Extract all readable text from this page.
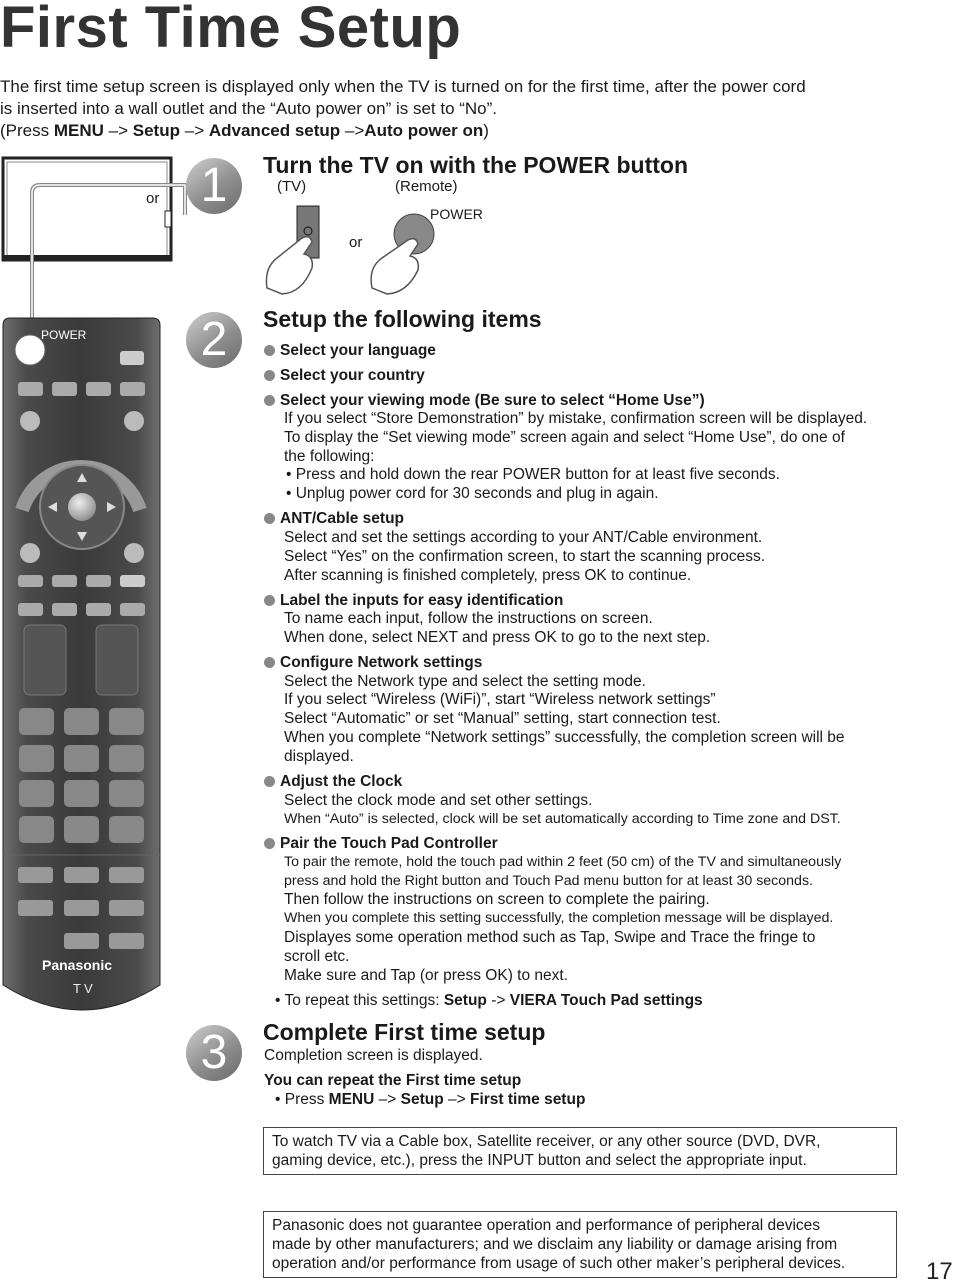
First Time Setup
The first time setup screen is displayed only when the TV is turned on for the first time, after the power cord
is inserted into a wall outlet and the “Auto power on” is set to “No”.
(Press MENU –> Setup –> Advanced setup –>Auto power on)
or
POWER
Panasonic
TV
1
2
3
Turn the TV on with the POWER button
(TV)	(Remote)
or
POWER
Setup the following items
Select your language
Select your country
Select your viewing mode (Be sure to select “Home Use”)
If you select “Store Demonstration” by mistake, confirmation screen will be displayed.
To display the “Set viewing mode” screen again and select “Home Use”, do one of
the following:
• Press and hold down the rear POWER button for at least five seconds.
• Unplug power cord for 30 seconds and plug in again.
ANT/Cable setup
Select and set the settings according to your ANT/Cable environment.
Select “Yes” on the confirmation screen, to start the scanning process.
After scanning is finished completely, press OK to continue.
Label the inputs for easy identification
To name each input, follow the instructions on screen.
When done, select NEXT and press OK to go to the next step.
Configure Network settings
Select the Network type and select the setting mode.
If you select “Wireless (WiFi)”, start “Wireless network settings”
Select “Automatic” or set “Manual” setting, start connection test.
When you complete “Network settings” successfully, the completion screen will be
displayed.
Adjust the Clock
Select the clock mode and set other settings.
When “Auto” is selected, clock will be set automatically according to Time zone and DST.
Pair the Touch Pad Controller
To pair the remote, hold the touch pad within 2 feet (50 cm) of the TV and simultaneously
press and hold the Right button and Touch Pad menu button for at least 30 seconds.
Then follow the instructions on screen to complete the pairing.
When you complete this setting successfully, the completion message will be displayed.
Displayes some operation method such as Tap, Swipe and Trace the fringe to
scroll etc.
Make sure and Tap (or press OK) to next.
• To repeat this settings: Setup -> VIERA Touch Pad settings
Complete First time setup
Completion screen is displayed.
You can repeat the First time setup
• Press MENU –> Setup –> First time setup
To watch TV via a Cable box, Satellite receiver, or any other source (DVD, DVR,
gaming device, etc.), press the INPUT button and select the appropriate input.
Panasonic does not guarantee operation and performance of peripheral devices
made by other manufacturers; and we disclaim any liability or damage arising from
operation and/or performance from usage of such other maker’s peripheral devices.	17
